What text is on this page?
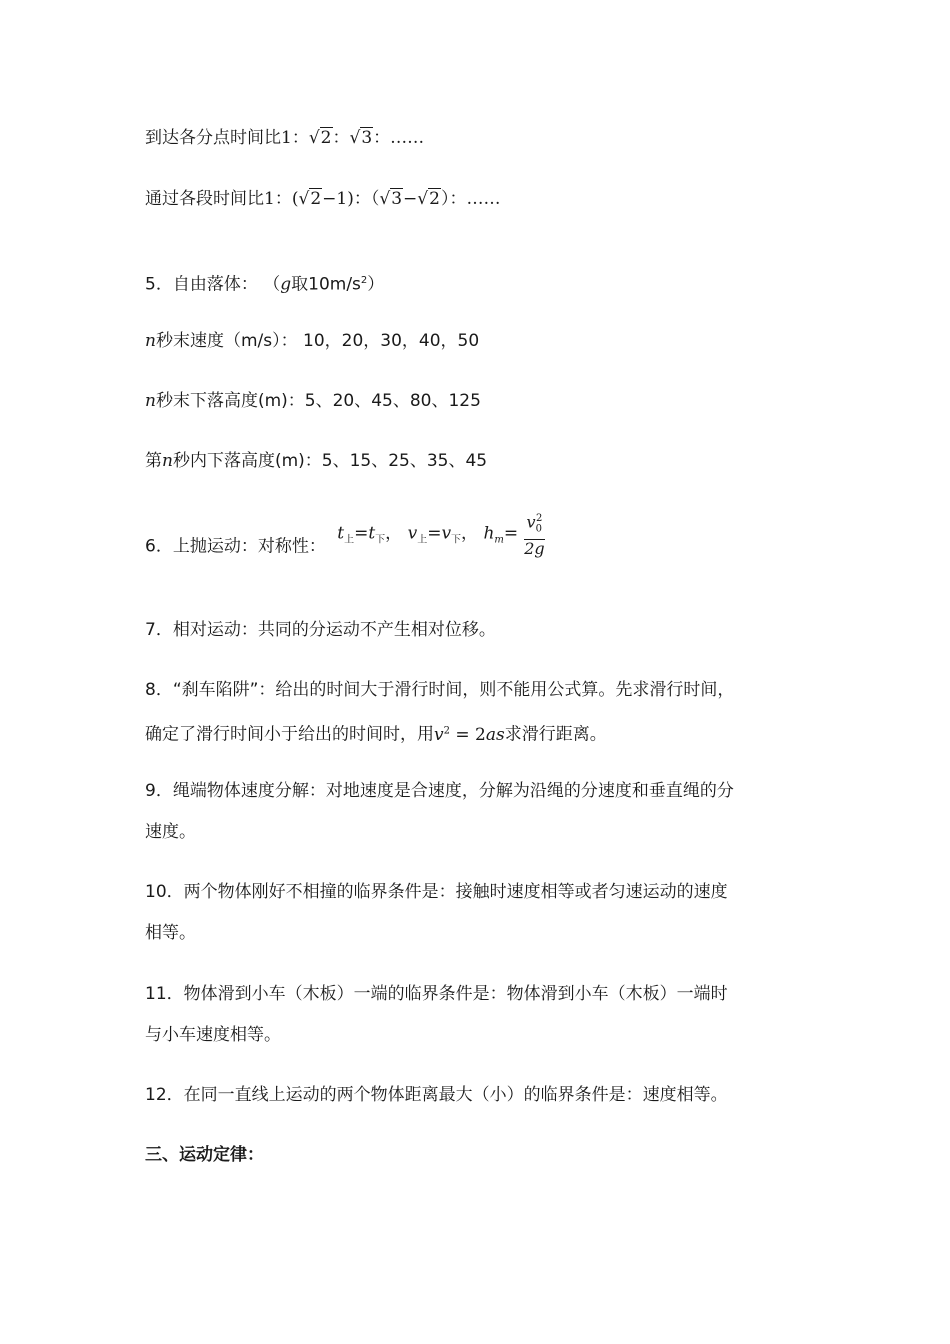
到达各分点时间比1：√2：√3：……
通过各段时间比1：(√2−1)：（√3−√2）：……
5．自由落体： （g取$10m/s^2$）
n秒末速度（m/s）： 10，20，30，40，50
n秒末下落高度(m)：5、20、45、80、125
第n秒内下落高度(m)：5、15、25、35、45
6．上抛运动：对称性： $t_上=t_下$， $v_上=v_下$， $h_m= \frac{v_0^2}{2g}$
7．相对运动：共同的分运动不产生相对位移。
8．“刹车陷阱”：给出的时间大于滑行时间，则不能用公式算。先求滑行时间，
确定了滑行时间小于给出的时间时，用$v^2 = 2as$求滑行距离。
9．绳端物体速度分解：对地速度是合速度，分解为沿绳的分速度和垂直绳的分
速度。
10．两个物体刚好不相撞的临界条件是：接触时速度相等或者匀速运动的速度
相等。
11．物体滑到小车（木板）一端的临界条件是：物体滑到小车（木板）一端时
与小车速度相等。
12．在同一直线上运动的两个物体距离最大（小）的临界条件是：速度相等。
三、运动定律：
